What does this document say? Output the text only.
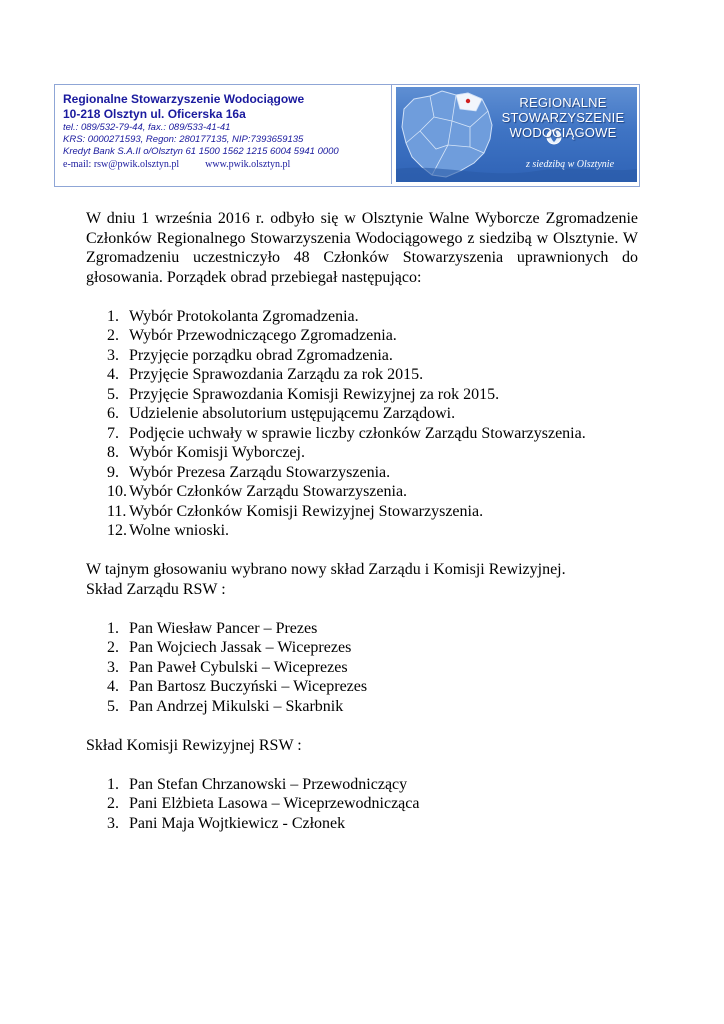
Regionalne Stowarzyszenie Wodociągowe
10-218 Olsztyn ul. Oficerska 16a
tel.: 089/532-79-44, fax.: 089/533-41-41
KRS: 0000271593, Regon: 280177135, NIP:7393659135
Kredyt Bank S.A.II o/Olsztyn 61 1500 1562 1215 6004 5941 0000
e-mail: rsw@pwik.olsztyn.pl	www.pwik.olsztyn.pl
REGIONALNE
STOWARZYSZENIE
WODOCIĄGOWE
z siedzibą w Olsztynie

W dniu 1 września 2016 r. odbyło się w Olsztynie Walne Wyborcze Zgromadzenie Członków Regionalnego Stowarzyszenia Wodociągowego z siedzibą w Olsztynie. W Zgromadzeniu uczestniczyło 48 Członków Stowarzyszenia uprawnionych do głosowania. Porządek obrad przebiegał następująco:

1. Wybór Protokolanta Zgromadzenia.
2. Wybór Przewodniczącego Zgromadzenia.
3. Przyjęcie porządku obrad Zgromadzenia.
4. Przyjęcie Sprawozdania Zarządu za rok 2015.
5. Przyjęcie Sprawozdania Komisji Rewizyjnej za rok 2015.
6. Udzielenie absolutorium ustępującemu Zarządowi.
7. Podjęcie uchwały w sprawie liczby członków Zarządu Stowarzyszenia.
8. Wybór Komisji Wyborczej.
9. Wybór Prezesa Zarządu Stowarzyszenia.
10. Wybór Członków Zarządu Stowarzyszenia.
11. Wybór Członków Komisji Rewizyjnej Stowarzyszenia.
12. Wolne wnioski.

W tajnym głosowaniu wybrano nowy skład Zarządu i Komisji Rewizyjnej.

Skład Zarządu RSW :

1. Pan Wiesław Pancer – Prezes
2. Pan Wojciech Jassak – Wiceprezes
3. Pan Paweł Cybulski – Wiceprezes
4. Pan Bartosz Buczyński – Wiceprezes
5. Pan Andrzej Mikulski – Skarbnik

Skład Komisji Rewizyjnej RSW :

1. Pan Stefan Chrzanowski – Przewodniczący
2. Pani Elżbieta Lasowa – Wiceprzewodnicząca
3. Pani Maja Wojtkiewicz - Członek
